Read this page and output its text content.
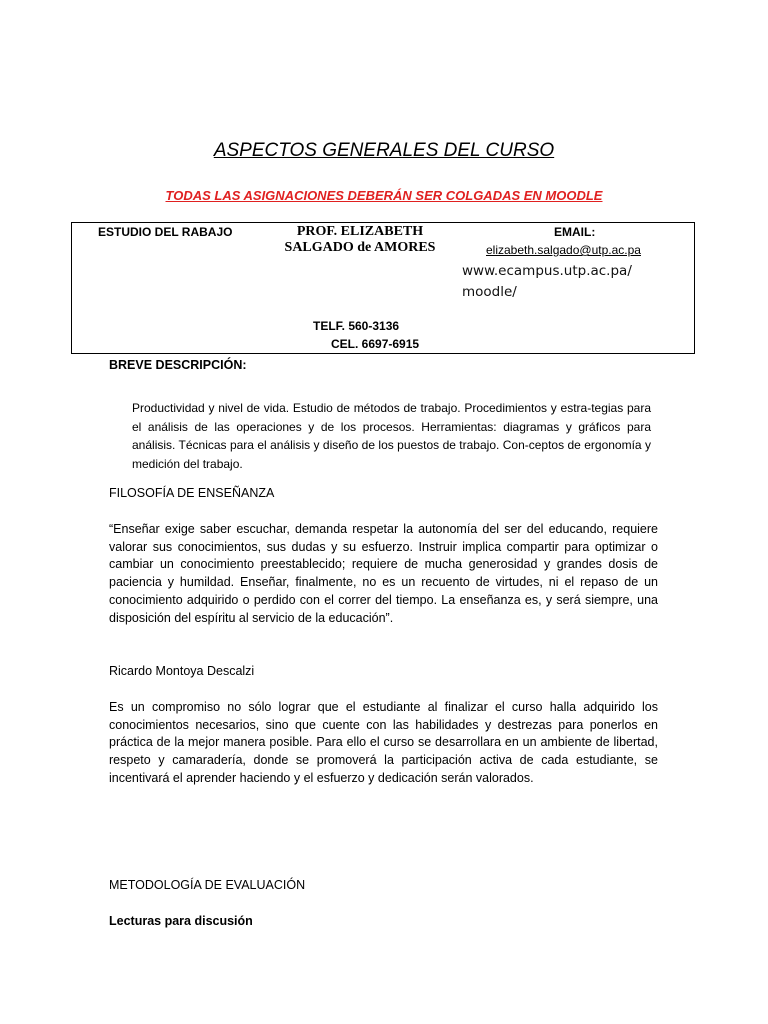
ASPECTOS GENERALES DEL CURSO
TODAS LAS ASIGNACIONES DEBERÁN SER COLGADAS EN MOODLE
ESTUDIO DEL RABAJO	PROF. ELIZABETH
SALGADO de AMORES
EMAIL:
elizabeth.salgado@utp.ac.pa
www.ecampus.utp.ac.pa/
moodle/
TELF. 560-3136
CEL. 6697-6915
BREVE DESCRIPCIÓN:
Productividad y nivel de vida. Estudio de métodos de trabajo. Procedimientos y estra-tegias para el análisis de las operaciones y de los procesos. Herramientas: diagramas y gráficos para análisis. Técnicas para el análisis y diseño de los puestos de trabajo. Con-ceptos de ergonomía y medición del trabajo.
FILOSOFÍA DE ENSEÑANZA
“Enseñar exige saber escuchar, demanda respetar la autonomía del ser del educando, requiere valorar sus conocimientos, sus dudas y su esfuerzo. Instruir implica compartir para optimizar o cambiar un conocimiento preestablecido; requiere de mucha generosidad y grandes dosis de paciencia y humildad. Enseñar, finalmente, no es un recuento de virtudes, ni el repaso de un conocimiento adquirido o perdido con el correr del tiempo. La enseñanza es, y será siempre, una disposición del espíritu al servicio de la educación”.
Ricardo Montoya Descalzi
Es un compromiso no sólo lograr que el estudiante al finalizar el curso halla adquirido los conocimientos necesarios, sino que cuente con las habilidades y destrezas para ponerlos en práctica de la mejor manera posible. Para ello el curso se desarrollara en un ambiente de libertad, respeto y camaradería, donde se promoverá la participación activa de cada estudiante, se incentivará el aprender haciendo y el esfuerzo y dedicación serán valorados.
METODOLOGÍA DE EVALUACIÓN
Lecturas para discusión
